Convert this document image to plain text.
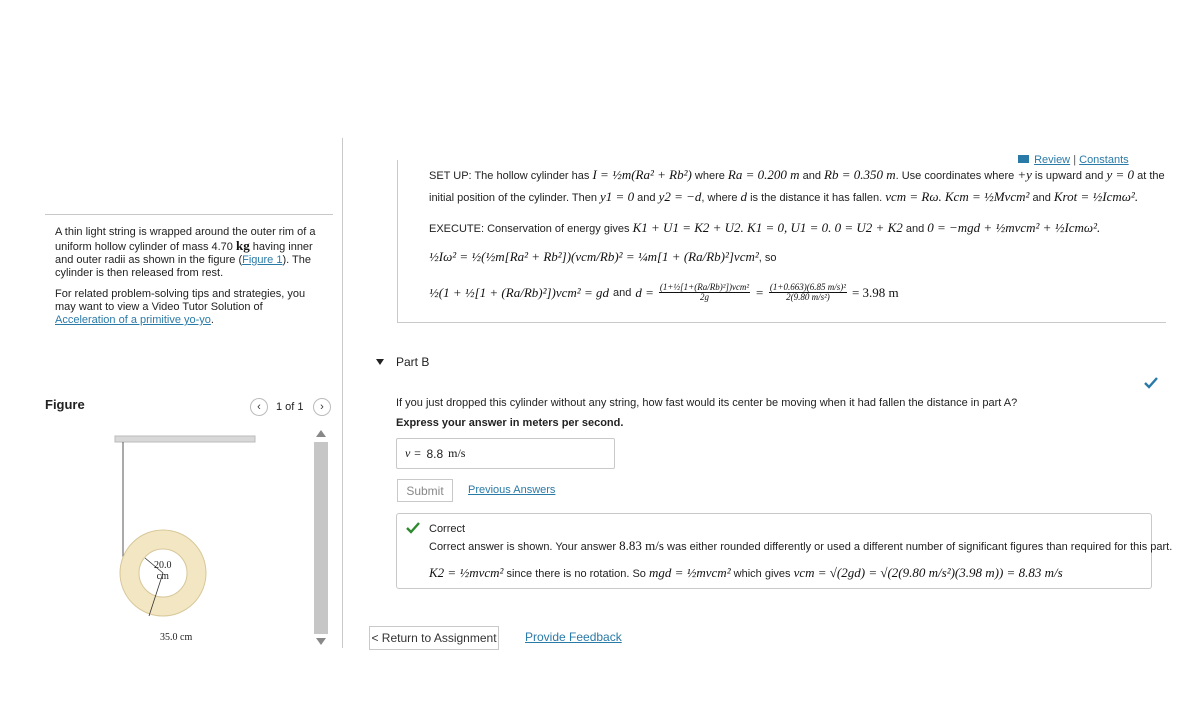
A thin light string is wrapped around the outer rim of a uniform hollow cylinder of mass 4.70 kg having inner and outer radii as shown in the figure (Figure 1). The cylinder is then released from rest.
For related problem-solving tips and strategies, you may want to view a Video Tutor Solution of Acceleration of a primitive yo-yo.
Figure	‹ 1 of 1 ›
20.0
cm
35.0 cm
Review | Constants
SET UP: The hollow cylinder has I = ½m(Ra² + Rb²) where Ra = 0.200 m and Rb = 0.350 m. Use coordinates where +y is upward and y = 0 at the
initial position of the cylinder. Then y1 = 0 and y2 = −d, where d is the distance it has fallen. vcm = Rω. Kcm = ½Mvcm² and Krot = ½Icmω².
EXECUTE: Conservation of energy gives K1 + U1 = K2 + U2. K1 = 0, U1 = 0. 0 = U2 + K2 and 0 = −mgd + ½mvcm² + ½Icmω².
½Iω² = ½(½m[Ra² + Rb²])(vcm/Rb)² = ¼m[1 + (Ra/Rb)²]vcm², so
½(1 + ½[1 + (Ra/Rb)²])vcm² = gd and $d = \frac{\text{(1+½[1+(Ra/Rb)²])vcm²}}{2g} = \frac{\text{(1+0.663)(6.85 m/s)²}}{\text{2(9.80 m/s²)}} = 3.98$ m
Part B
If you just dropped this cylinder without any string, how fast would its center be moving when it had fallen the distance in part A?
Express your answer in meters per second.
v = 8.8 m/s
Submit	Previous Answers
Correct
Correct answer is shown. Your answer 8.83 m/s was either rounded differently or used a different number of significant figures than required for this part.
K2 = ½mvcm² since there is no rotation. So mgd = ½mvcm² which gives vcm = √(2gd) = √(2(9.80 m/s²)(3.98 m)) = 8.83 m/s
< Return to Assignment Provide Feedback
